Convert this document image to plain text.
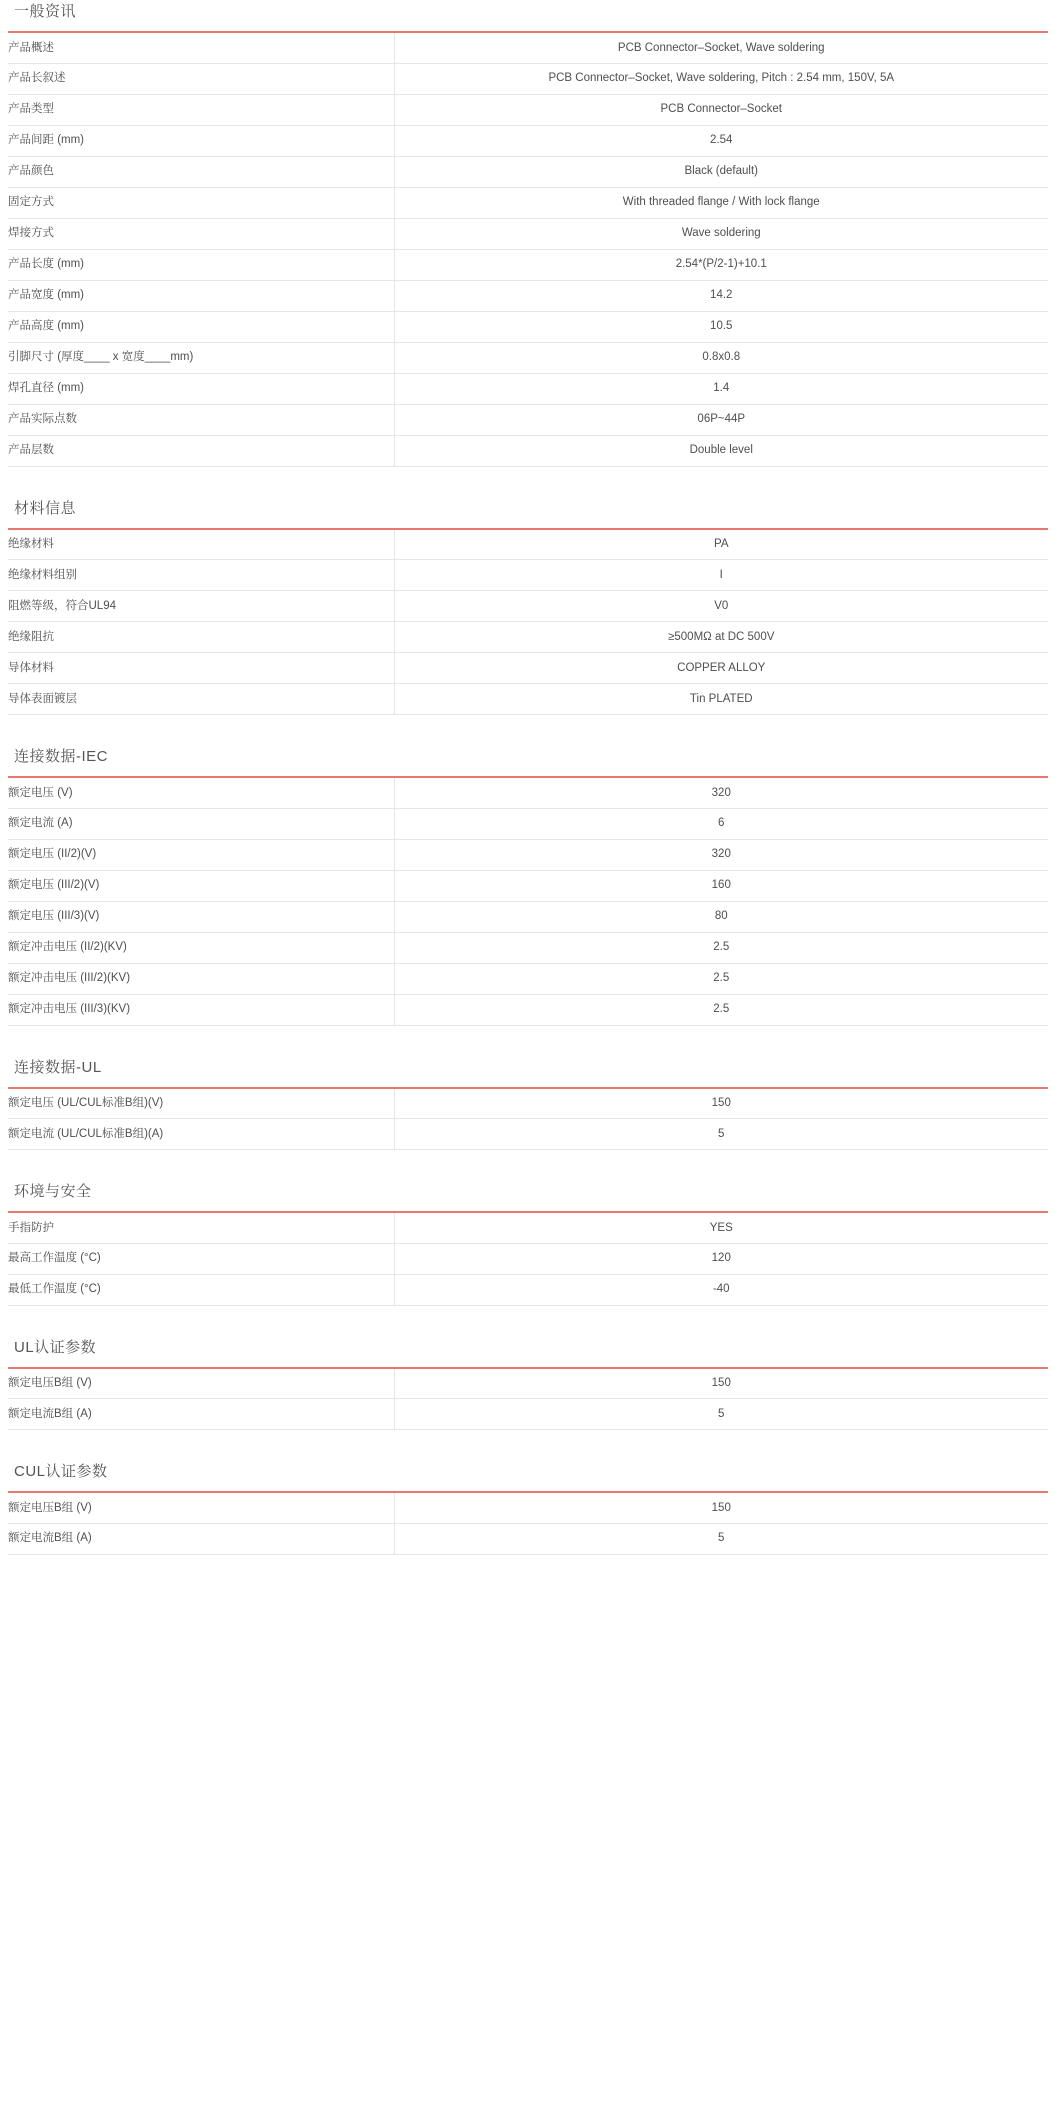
一般资讯
产品概述	PCB Connector–Socket, Wave soldering
产品长叙述	PCB Connector–Socket, Wave soldering, Pitch : 2.54 mm, 150V, 5A
产品类型	PCB Connector–Socket
产品间距 (mm)	2.54
产品颜色	Black (default)
固定方式	With threaded flange / With lock flange
焊接方式	Wave soldering
产品长度 (mm)	2.54*(P/2-1)+10.1
产品宽度 (mm)	14.2
产品高度 (mm)	10.5
引脚尺寸 (厚度____ x 宽度____mm)	0.8x0.8
焊孔直径 (mm)	1.4
产品实际点数	06P~44P
产品层数	Double level
材料信息
绝缘材料	PA
绝缘材料组别	I
阻燃等级，符合UL94	V0
绝缘阻抗	≥500MΩ at DC 500V
导体材料	COPPER ALLOY
导体表面镀层	Tin PLATED
连接数据-IEC
额定电压 (V)	320
额定电流 (A)	6
额定电压 (II/2)(V)	320
额定电压 (III/2)(V)	160
额定电压 (III/3)(V)	80
额定冲击电压 (II/2)(KV)	2.5
额定冲击电压 (III/2)(KV)	2.5
额定冲击电压 (III/3)(KV)	2.5
连接数据-UL
额定电压 (UL/CUL标准B组)(V)	150
额定电流 (UL/CUL标准B组)(A)	5
环境与安全
手指防护	YES
最高工作温度 (°C)	120
最低工作温度 (°C)	-40
UL认证参数
额定电压B组 (V)	150
额定电流B组 (A)	5
CUL认证参数
额定电压B组 (V)	150
额定电流B组 (A)	5
